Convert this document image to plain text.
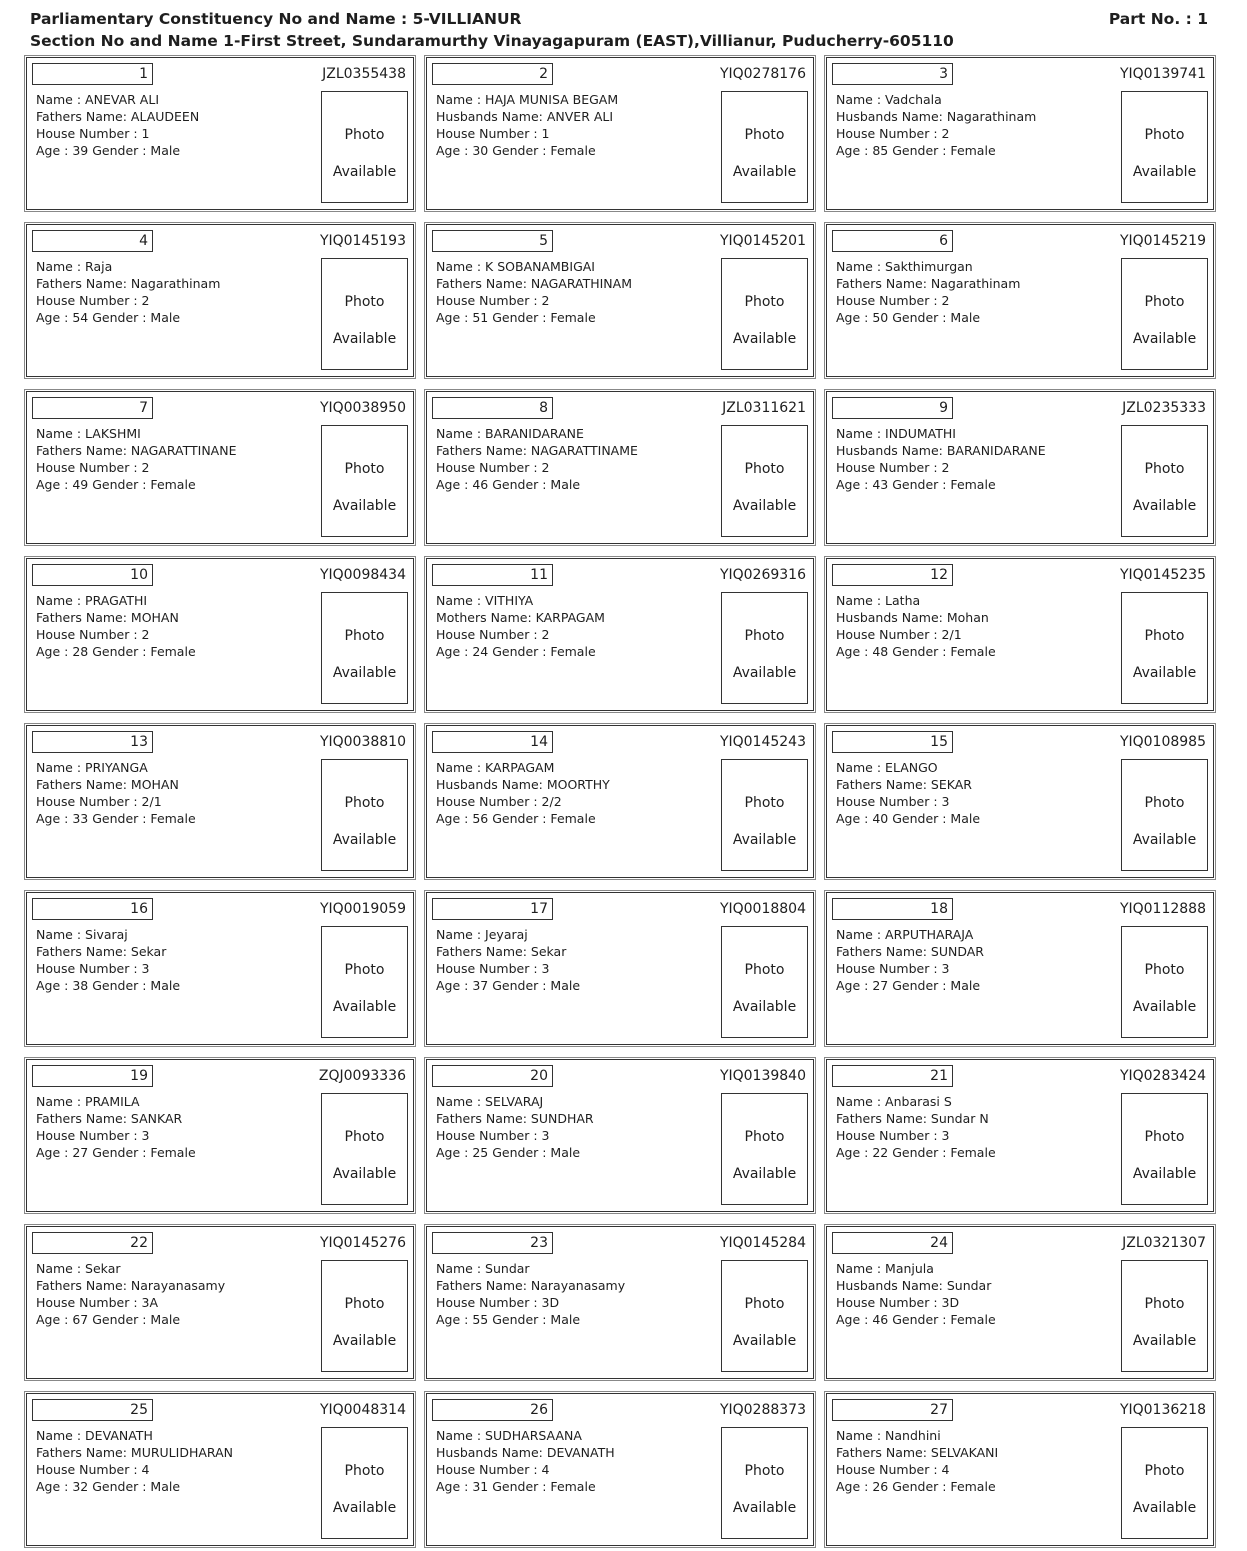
Parliamentary Constituency No and Name : 5-VILLIANUR
Section No and Name 1-First Street, Sundaramurthy Vinayagapuram (EAST),Villianur, Puducherry-605110
Part No. : 1
1	JZL0355438
Name : ANEVAR ALI
Fathers Name: ALAUDEEN
House Number : 1
Age : 39 Gender : Male
Photo
Available
2	YIQ0278176
Name : HAJA MUNISA BEGAM
Husbands Name: ANVER ALI
House Number : 1
Age : 30 Gender : Female
Photo
Available
3	YIQ0139741
Name : Vadchala
Husbands Name: Nagarathinam
House Number : 2
Age : 85 Gender : Female
Photo
Available
4	YIQ0145193
Name : Raja
Fathers Name: Nagarathinam
House Number : 2
Age : 54 Gender : Male
Photo
Available
5	YIQ0145201
Name : K SOBANAMBIGAI
Fathers Name: NAGARATHINAM
House Number : 2
Age : 51 Gender : Female
Photo
Available
6	YIQ0145219
Name : Sakthimurgan
Fathers Name: Nagarathinam
House Number : 2
Age : 50 Gender : Male
Photo
Available
7	YIQ0038950
Name : LAKSHMI
Fathers Name: NAGARATTINANE
House Number : 2
Age : 49 Gender : Female
Photo
Available
8	JZL0311621
Name : BARANIDARANE
Fathers Name: NAGARATTINAME
House Number : 2
Age : 46 Gender : Male
Photo
Available
9	JZL0235333
Name : INDUMATHI
Husbands Name: BARANIDARANE
House Number : 2
Age : 43 Gender : Female
Photo
Available
10	YIQ0098434
Name : PRAGATHI
Fathers Name: MOHAN
House Number : 2
Age : 28 Gender : Female
Photo
Available
11	YIQ0269316
Name : VITHIYA
Mothers Name: KARPAGAM
House Number : 2
Age : 24 Gender : Female
Photo
Available
12	YIQ0145235
Name : Latha
Husbands Name: Mohan
House Number : 2/1
Age : 48 Gender : Female
Photo
Available
13	YIQ0038810
Name : PRIYANGA
Fathers Name: MOHAN
House Number : 2/1
Age : 33 Gender : Female
Photo
Available
14	YIQ0145243
Name : KARPAGAM
Husbands Name: MOORTHY
House Number : 2/2
Age : 56 Gender : Female
Photo
Available
15	YIQ0108985
Name : ELANGO
Fathers Name: SEKAR
House Number : 3
Age : 40 Gender : Male
Photo
Available
16	YIQ0019059
Name : Sivaraj
Fathers Name: Sekar
House Number : 3
Age : 38 Gender : Male
Photo
Available
17	YIQ0018804
Name : Jeyaraj
Fathers Name: Sekar
House Number : 3
Age : 37 Gender : Male
Photo
Available
18	YIQ0112888
Name : ARPUTHARAJA
Fathers Name: SUNDAR
House Number : 3
Age : 27 Gender : Male
Photo
Available
19	ZQJ0093336
Name : PRAMILA
Fathers Name: SANKAR
House Number : 3
Age : 27 Gender : Female
Photo
Available
20	YIQ0139840
Name : SELVARAJ
Fathers Name: SUNDHAR
House Number : 3
Age : 25 Gender : Male
Photo
Available
21	YIQ0283424
Name : Anbarasi S
Fathers Name: Sundar N
House Number : 3
Age : 22 Gender : Female
Photo
Available
22	YIQ0145276
Name : Sekar
Fathers Name: Narayanasamy
House Number : 3A
Age : 67 Gender : Male
Photo
Available
23	YIQ0145284
Name : Sundar
Fathers Name: Narayanasamy
House Number : 3D
Age : 55 Gender : Male
Photo
Available
24	JZL0321307
Name : Manjula
Husbands Name: Sundar
House Number : 3D
Age : 46 Gender : Female
Photo
Available
25	YIQ0048314
Name : DEVANATH
Fathers Name: MURULIDHARAN
House Number : 4
Age : 32 Gender : Male
Photo
Available
26	YIQ0288373
Name : SUDHARSAANA
Husbands Name: DEVANATH
House Number : 4
Age : 31 Gender : Female
Photo
Available
27	YIQ0136218
Name : Nandhini
Fathers Name: SELVAKANI
House Number : 4
Age : 26 Gender : Female
Photo
Available
